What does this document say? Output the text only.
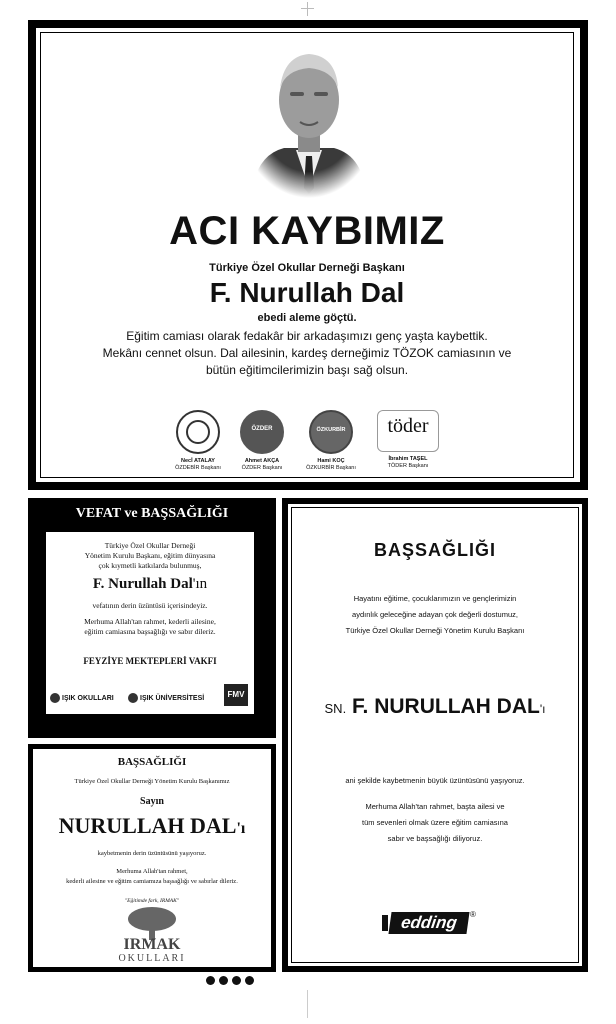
ACI KAYBIMIZ
Türkiye Özel Okullar Derneği Başkanı
F. Nurullah Dal
ebedi aleme göçtü.
Eğitim camiası olarak fedakâr bir arkadaşımızı genç yaşta kaybettik.
Mekânı cennet olsun. Dal ailesinin, kardeş derneğimiz TÖZOK camiasının ve
bütün eğitimcilerimizin başı sağ olsun.
Necİ ATALAY
ÖZDEBİR Başkanı
ÖZDER
Ahmet AKÇA
ÖZDER Başkanı
ÖZKURBİR
Hami KOÇ
ÖZKURBİR Başkanı
töder
İbrahim TAŞEL
TÖDER Başkanı
VEFAT ve BAŞSAĞLIĞI
Türkiye Özel Okullar Derneği
Yönetim Kurulu Başkanı, eğitim dünyasına
çok kıymetli katkılarda bulunmuş,
F. Nurullah Dal'ın
vefatının derin üzüntüsü içerisindeyiz.
Merhuma Allah'tan rahmet, kederli ailesine,
eğitim camiasına başsağlığı ve sabır dileriz.
FEYZİYE MEKTEPLERİ VAKFI
IŞIK OKULLARI	IŞIK ÜNİVERSİTESİ	FMV
BAŞSAĞLIĞI
Türkiye Özel Okullar Derneği Yönetim Kurulu Başkanımız
Sayın
NURULLAH DAL'ı
kaybetmenin derin üzüntüsünü yaşıyoruz.
Merhuma Allah'tan rahmet,
kederli ailesine ve eğitim camiamıza başsağlığı ve sabırlar dileriz.
"Eğitimde fark, IRMAK"
IRMAK
OKULLARI
BAŞSAĞLIĞI
Hayatını eğitime, çocuklarımızın ve gençlerimizin
aydınlık geleceğine adayan çok değerli dostumuz,
Türkiye Özel Okullar Derneği Yönetim Kurulu Başkanı
SN. F. NURULLAH DAL'ı
ani şekilde kaybetmenin büyük üzüntüsünü yaşıyoruz.
Merhuma Allah'tan rahmet, başta ailesi ve
tüm sevenleri olmak üzere eğitim camiasına
sabır ve başsağlığı diliyoruz.
edding	®
